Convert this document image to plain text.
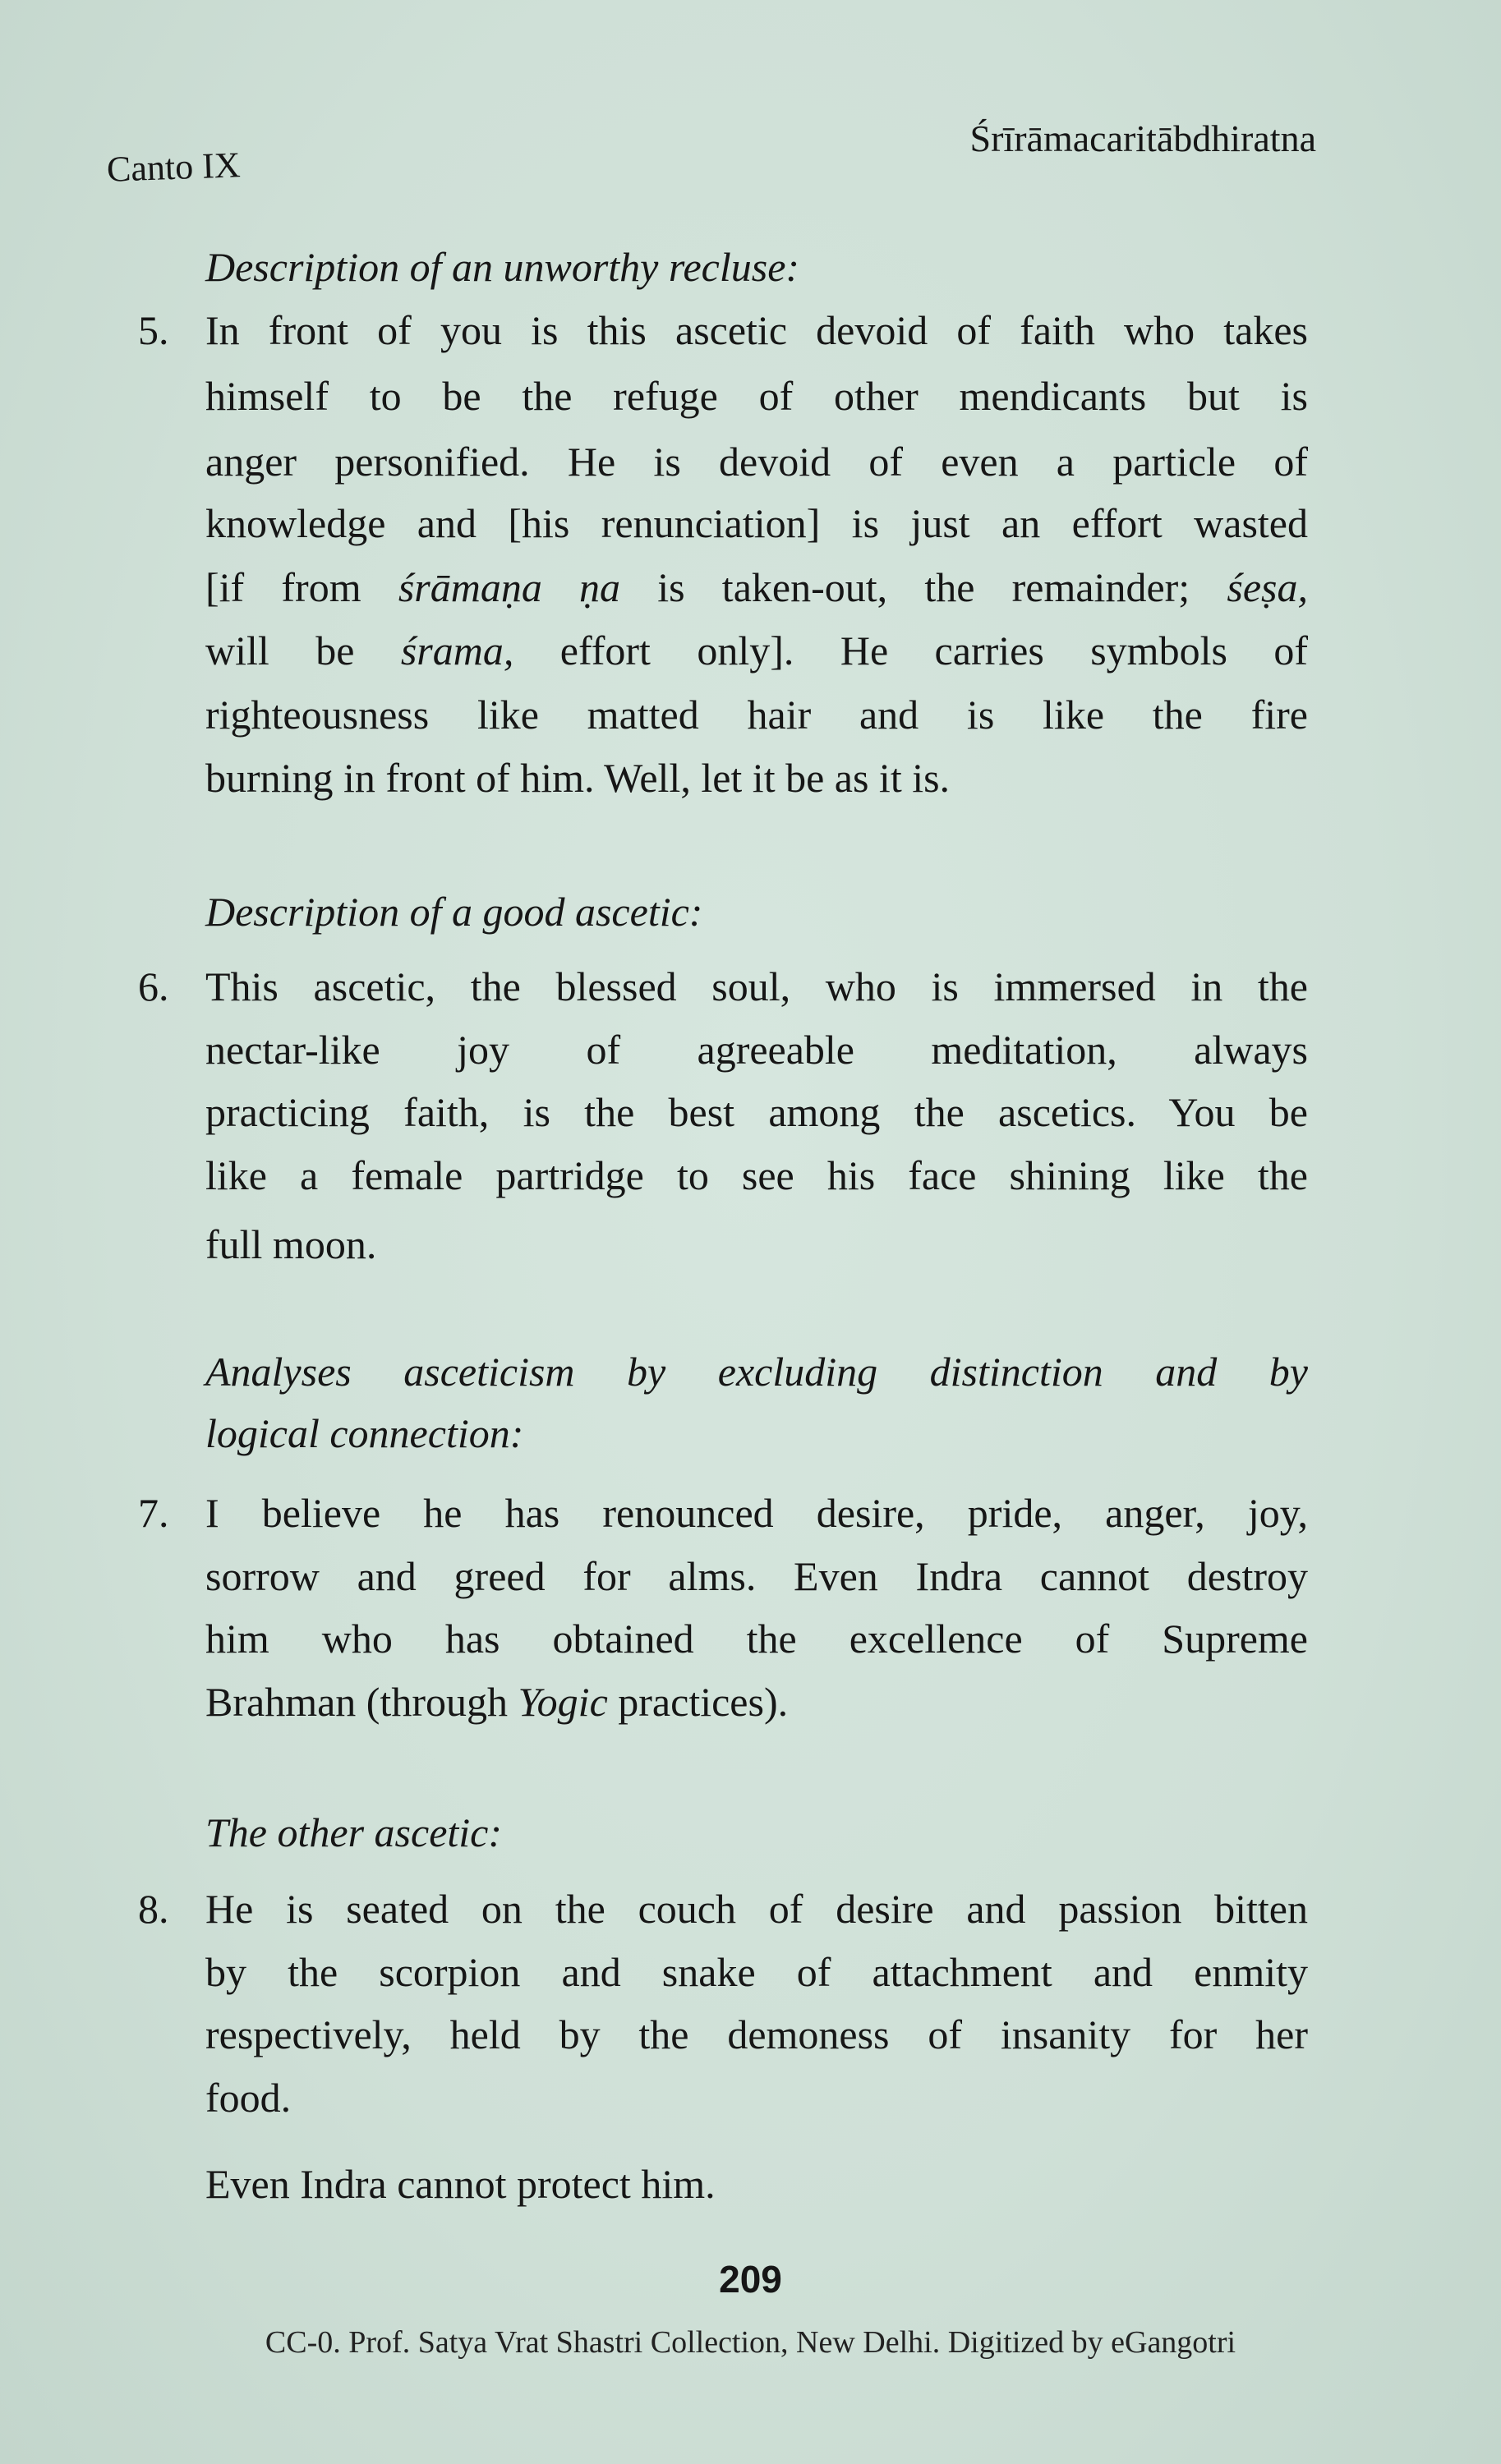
Canto IX
Śrīrāmacaritābdhiratna
Description of an unworthy recluse:
5. In front of you is this ascetic devoid of faith who takes
himself to be the refuge of other mendicants but is
anger personified. He is devoid of even a particle of
knowledge and [his renunciation] is just an effort wasted
[if from śrāmaṇa ṇa is taken-out, the remainder; śeṣa,
will be śrama, effort only]. He carries symbols of
righteousness like matted hair and is like the fire
burning in front of him. Well, let it be as it is.
Description of a good ascetic:
6. This ascetic, the blessed soul, who is immersed in the
nectar-like joy of agreeable meditation, always
practicing faith, is the best among the ascetics. You be
like a female partridge to see his face shining like the
full moon.
Analyses asceticism by excluding distinction and by
logical connection:
7. I believe he has renounced desire, pride, anger, joy,
sorrow and greed for alms. Even Indra cannot destroy
him who has obtained the excellence of Supreme
Brahman (through Yogic practices).
The other ascetic:
8. He is seated on the couch of desire and passion bitten
by the scorpion and snake of attachment and enmity
respectively, held by the demoness of insanity for her
food.
Even Indra cannot protect him.
209
CC-0. Prof. Satya Vrat Shastri Collection, New Delhi. Digitized by eGangotri
